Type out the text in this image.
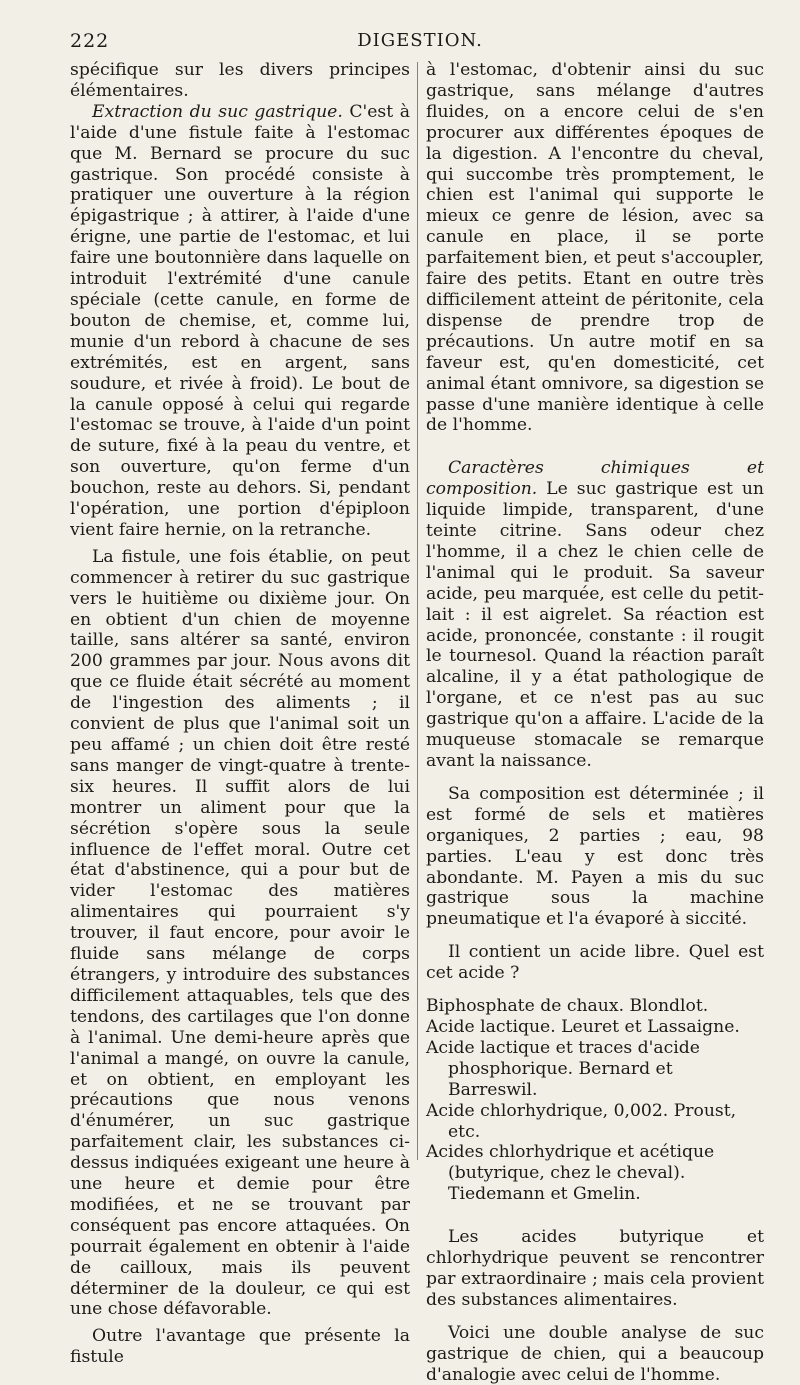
222	DIGESTION.

spécifique sur les divers principes élémentaires.

Extraction du suc gastrique. C'est à l'aide d'une fistule faite à l'estomac que M. Bernard se procure du suc gastrique. Son procédé consiste à pratiquer une ouverture à la région épigastrique ; à attirer, à l'aide d'une érigne, une partie de l'estomac, et lui faire une boutonnière dans laquelle on introduit l'extrémité d'une canule spéciale (cette canule, en forme de bouton de chemise, et, comme lui, munie d'un rebord à chacune de ses extrémités, est en argent, sans soudure, et rivée à froid). Le bout de la canule opposé à celui qui regarde l'estomac se trouve, à l'aide d'un point de suture, fixé à la peau du ventre, et son ouverture, qu'on ferme d'un bouchon, reste au dehors. Si, pendant l'opération, une portion d'épiploon vient faire hernie, on la retranche.

La fistule, une fois établie, on peut commencer à retirer du suc gastrique vers le huitième ou dixième jour. On en obtient d'un chien de moyenne taille, sans altérer sa santé, environ 200 grammes par jour. Nous avons dit que ce fluide était sécrété au moment de l'ingestion des aliments ; il convient de plus que l'animal soit un peu affamé ; un chien doit être resté sans manger de vingt-quatre à trente-six heures. Il suffit alors de lui montrer un aliment pour que la sécrétion s'opère sous la seule influence de l'effet moral. Outre cet état d'abstinence, qui a pour but de vider l'estomac des matières alimentaires qui pourraient s'y trouver, il faut encore, pour avoir le fluide sans mélange de corps étrangers, y introduire des substances difficilement attaquables, tels que des tendons, des cartilages que l'on donne à l'animal. Une demi-heure après que l'animal a mangé, on ouvre la canule, et on obtient, en employant les précautions que nous venons d'énumérer, un suc gastrique parfaitement clair, les substances ci-dessus indiquées exigeant une heure à une heure et demie pour être modifiées, et ne se trouvant par conséquent pas encore attaquées. On pourrait également en obtenir à l'aide de cailloux, mais ils peuvent déterminer de la douleur, ce qui est une chose défavorable.

Outre l'avantage que présente la fistule

à l'estomac, d'obtenir ainsi du suc gastrique, sans mélange d'autres fluides, on a encore celui de s'en procurer aux différentes époques de la digestion. A l'encontre du cheval, qui succombe très promptement, le chien est l'animal qui supporte le mieux ce genre de lésion, avec sa canule en place, il se porte parfaitement bien, et peut s'accoupler, faire des petits. Etant en outre très difficilement atteint de péritonite, cela dispense de prendre trop de précautions. Un autre motif en sa faveur est, qu'en domesticité, cet animal étant omnivore, sa digestion se passe d'une manière identique à celle de l'homme.

Caractères chimiques et composition. Le suc gastrique est un liquide limpide, transparent, d'une teinte citrine. Sans odeur chez l'homme, il a chez le chien celle de l'animal qui le produit. Sa saveur acide, peu marquée, est celle du petit-lait : il est aigrelet. Sa réaction est acide, prononcée, constante : il rougit le tournesol. Quand la réaction paraît alcaline, il y a état pathologique de l'organe, et ce n'est pas au suc gastrique qu'on a affaire. L'acide de la muqueuse stomacale se remarque avant la naissance.

Sa composition est déterminée ; il est formé de sels et matières organiques, 2 parties ; eau, 98 parties. L'eau y est donc très abondante. M. Payen a mis du suc gastrique sous la machine pneumatique et l'a évaporé à siccité.

Il contient un acide libre. Quel est cet acide ?

Biphosphate de chaux. Blondlot.
Acide lactique. Leuret et Lassaigne.
Acide lactique et traces d'acide phosphorique. Bernard et Barreswil.
Acide chlorhydrique, 0,002. Proust, etc.
Acides chlorhydrique et acétique (butyrique, chez le cheval). Tiedemann et Gmelin.

Les acides butyrique et chlorhydrique peuvent se rencontrer par extraordinaire ; mais cela provient des substances alimentaires.

Voici une double analyse de suc gastrique de chien, qui a beaucoup d'analogie avec celui de l'homme.
